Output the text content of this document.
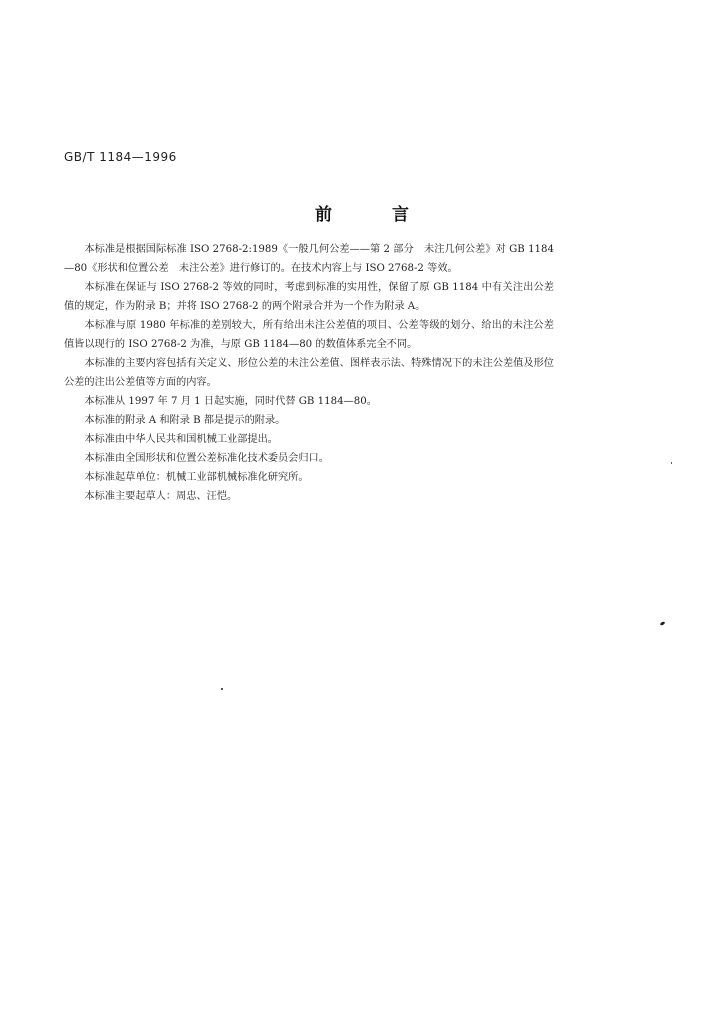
GB/T 1184—1996
前言

本标准是根据国际标准 ISO 2768-2:1989《一般几何公差——第 2 部分　未注几何公差》对 GB 1184—80《形状和位置公差　未注公差》进行修订的。在技术内容上与 ISO 2768-2 等效。

本标准在保证与 ISO 2768-2 等效的同时，考虑到标准的实用性，保留了原 GB 1184 中有关注出公差值的规定，作为附录 B；并将 ISO 2768-2 的两个附录合并为一个作为附录 A。

本标准与原 1980 年标准的差别较大，所有给出未注公差值的项目、公差等级的划分、给出的未注公差值皆以现行的 ISO 2768-2 为准，与原 GB 1184—80 的数值体系完全不同。

本标准的主要内容包括有关定义、形位公差的未注公差值、图样表示法、特殊情况下的未注公差值及形位公差的注出公差值等方面的内容。

本标准从 1997 年 7 月 1 日起实施，同时代替 GB 1184—80。

本标准的附录 A 和附录 B 都是提示的附录。

本标准由中华人民共和国机械工业部提出。

本标准由全国形状和位置公差标准化技术委员会归口。

本标准起草单位：机械工业部机械标准化研究所。

本标准主要起草人：周忠、汪恺。
